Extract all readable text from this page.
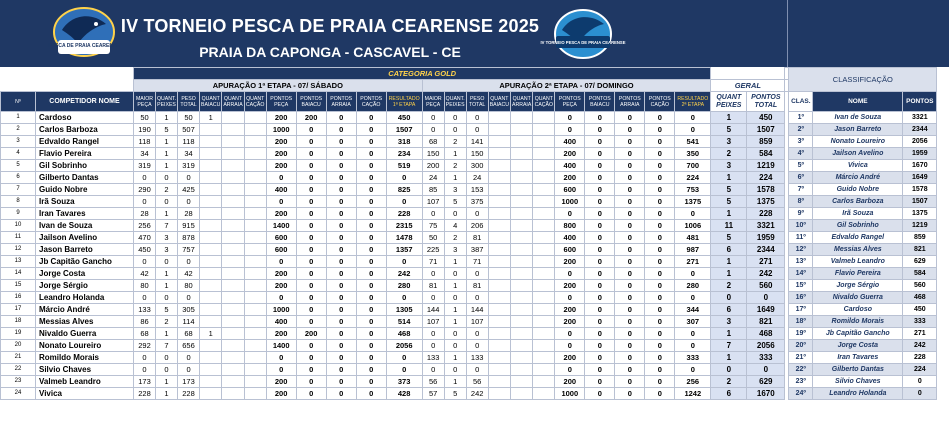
PESCA DE PRAIA CEARENSE
IV TORNEIO PESCA DE PRAIA CEARENSE 2025
PRAIA DA CAPONGA - CASCAVEL - CE
IV TORNEIO PESCA DE PRAIA CEARENSE
		CATEGORIA GOLD																									CLASSIFICAÇÃO		
		APURAÇÃO 1ª ETAPA - 07/ SÁBADO											APURAÇÃO 2ª ETAPA - 07/ DOMINGO											GERAL					
Nº	COMPETIDOR NOME	MAIOR PEÇA	QUANT. PEIXES	PESO TOTAL	QUANT BAIACU	QUANT ARRAIA	QUANT CAÇÃO	PONTOS PEÇA	PONTOS BAIACU	PONTOS ARRAIA	PONTOS CAÇÃO	RESULTADO 1ª ETAPA	MAIOR PEÇA	QUANT. PEIXES	PESO TOTAL	QUANT BAIACU	QUANT ARRAIA	QUANT CAÇÃO	PONTOS PEÇA	PONTOS BAIACU	PONTOS ARRAIA	PONTOS CAÇÃO	RESULTADO 2ª ETAPA	QUANT PEIXES	PONTOS TOTAL		CLAS.	NOME	PONTOS
1	Cardoso	50	1	50	1			200	200	0	0	450	0	0	0				0	0	0	0	0	1	450		1º	Ivan de Souza	3321
2	Carlos Barboza	190	5	507				1000	0	0	0	1507	0	0	0				0	0	0	0	0	5	1507		2º	Jason Barreto	2344
3	Edvaldo Rangel	118	1	118				200	0	0	0	318	68	2	141				400	0	0	0	541	3	859		3º	Nonato Loureiro	2056
4	Flavio Pereira	34	1	34				200	0	0	0	234	150	1	150				200	0	0	0	350	2	584		4º	Jailson Avelino	1959
5	Gil Sobrinho	319	1	319				200	0	0	0	519	200	2	300				400	0	0	0	700	3	1219		5º	Vivica	1670
6	Gilberto Dantas	0	0	0				0	0	0	0	0	24	1	24				200	0	0	0	224	1	224		6º	Márcio André	1649
7	Guido Nobre	290	2	425				400	0	0	0	825	85	3	153				600	0	0	0	753	5	1578		7º	Guido Nobre	1578
8	Irã Souza	0	0	0				0	0	0	0	0	107	5	375				1000	0	0	0	1375	5	1375		8º	Carlos Barboza	1507
9	Iran Tavares	28	1	28				200	0	0	0	228	0	0	0				0	0	0	0	0	1	228		9º	Irã Souza	1375
10	Ivan de Souza	256	7	915				1400	0	0	0	2315	75	4	206				800	0	0	0	1006	11	3321		10º	Gil Sobrinho	1219
11	Jailson Avelino	470	3	878				600	0	0	0	1478	50	2	81				400	0	0	0	481	5	1959		11º	Edvaldo Rangel	859
12	Jason Barreto	450	3	757				600	0	0	0	1357	225	3	387				600	0	0	0	987	6	2344		12º	Messias Alves	821
13	Jb Capitão Gancho	0	0	0				0	0	0	0	0	71	1	71				200	0	0	0	271	1	271		13º	Valmeb Leandro	629
14	Jorge Costa	42	1	42				200	0	0	0	242	0	0	0				0	0	0	0	0	1	242		14º	Flavio Pereira	584
15	Jorge Sérgio	80	1	80				200	0	0	0	280	81	1	81				200	0	0	0	280	2	560		15º	Jorge Sérgio	560
16	Leandro Holanda	0	0	0				0	0	0	0	0	0	0	0				0	0	0	0	0	0	0		16º	Nivaldo Guerra	468
17	Márcio André	133	5	305				1000	0	0	0	1305	144	1	144				200	0	0	0	344	6	1649		17º	Cardoso	450
18	Messias Alves	86	2	114				400	0	0	0	514	107	1	107				200	0	0	0	307	3	821		18º	Romildo Morais	333
19	Nivaldo Guerra	68	1	68	1			200	200	0	0	468	0	0	0				0	0	0	0	0	1	468		19º	Jb Capitão Gancho	271
20	Nonato Loureiro	292	7	656				1400	0	0	0	2056	0	0	0				0	0	0	0	0	7	2056		20º	Jorge Costa	242
21	Romildo Morais	0	0	0				0	0	0	0	0	133	1	133				200	0	0	0	333	1	333		21º	Iran Tavares	228
22	Silvio Chaves	0	0	0				0	0	0	0	0	0	0	0				0	0	0	0	0	0	0		22º	Gilberto Dantas	224
23	Valmeb Leandro	173	1	173				200	0	0	0	373	56	1	56				200	0	0	0	256	2	629		23º	Silvio Chaves	0
24	Vivica	228	1	228				200	0	0	0	428	57	5	242				1000	0	0	0	1242	6	1670		24º	Leandro Holanda	0
